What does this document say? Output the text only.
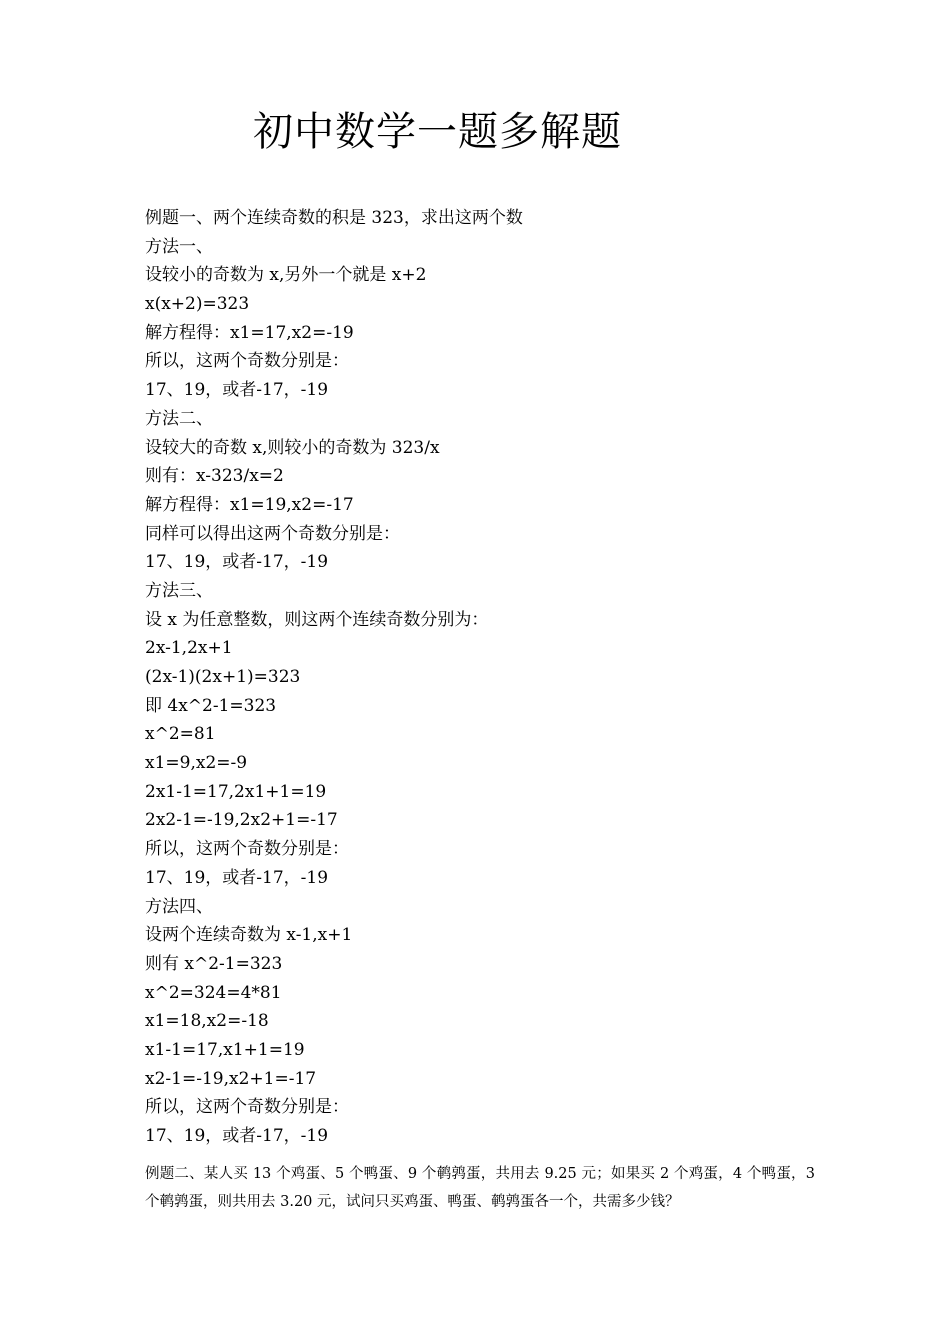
初中数学一题多解题
例题一、两个连续奇数的积是 323，求出这两个数
方法一、
设较小的奇数为 x,另外一个就是 x+2
x(x+2)=323
解方程得：x1=17,x2=-19
所以，这两个奇数分别是：
17、19，或者-17，-19
方法二、
设较大的奇数 x,则较小的奇数为 323/x
则有：x-323/x=2
解方程得：x1=19,x2=-17
同样可以得出这两个奇数分别是：
17、19，或者-17，-19
方法三、
设 x 为任意整数，则这两个连续奇数分别为：
2x-1,2x+1
(2x-1)(2x+1)=323
即 4x^2-1=323
x^2=81
x1=9,x2=-9
2x1-1=17,2x1+1=19
2x2-1=-19,2x2+1=-17
所以，这两个奇数分别是：
17、19，或者-17，-19
方法四、
设两个连续奇数为 x-1,x+1
则有 x^2-1=323
x^2=324=4*81
x1=18,x2=-18
x1-1=17,x1+1=19
x2-1=-19,x2+1=-17
所以，这两个奇数分别是：
17、19，或者-17，-19
例题二、某人买 13 个鸡蛋、5 个鸭蛋、9 个鹌鹑蛋，共用去 9.25 元；如果买 2 个鸡蛋，4 个鸭蛋，3 个鹌鹑蛋，则共用去 3.20 元，试问只买鸡蛋、鸭蛋、鹌鹑蛋各一个，共需多少钱？
